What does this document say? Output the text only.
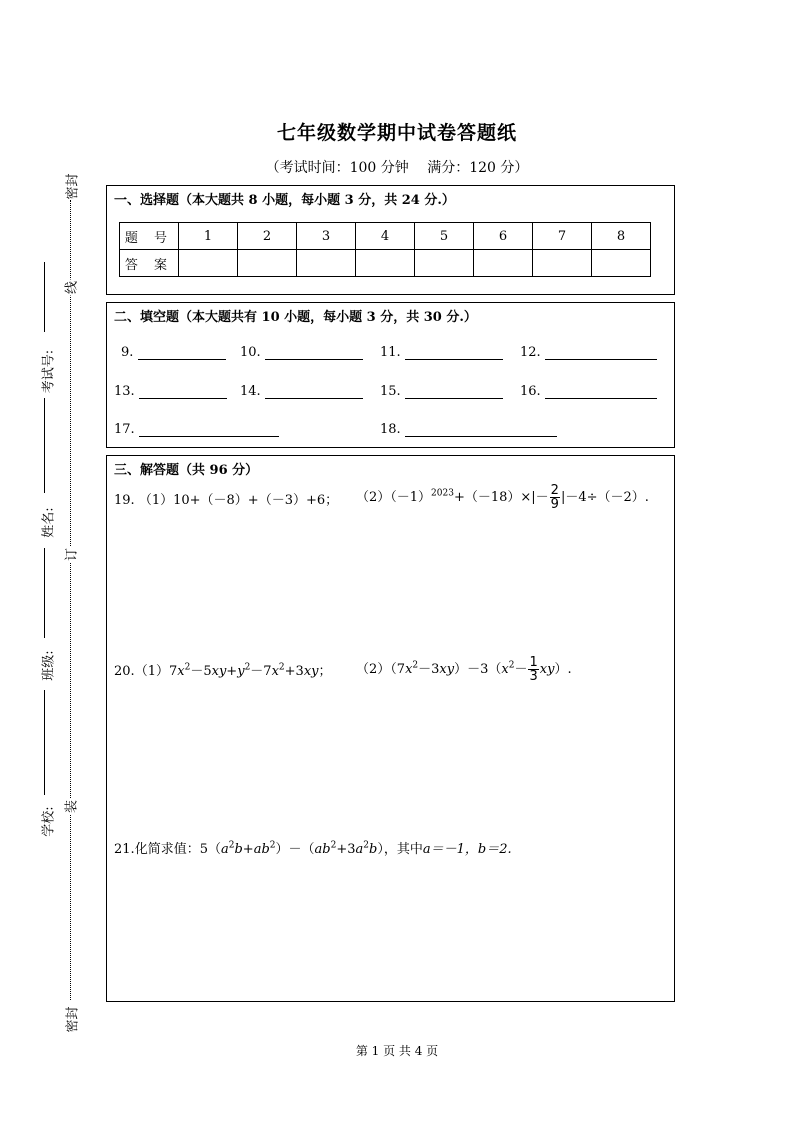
七年级数学期中试卷答题纸
（考试时间：100 分钟　 满分：120 分）
密封
线
订
装
密封
考试号:
姓名:
班级:
学校:
一、选择题（本大题共 8 小题，每小题 3 分，共 24 分.）
题 号	1	2	3	4	5	6	7	8
答 案								
二、填空题（本大题共有 10 小题，每小题 3 分，共 30 分.）
9.	10.	11.	12.
13.	14.	15.	16.
17.	18.
三、解答题（共 96 分）
19. （1）10+（－8）+（－3）+6； $(2)(-1)^{2023}+(-18)\times|- \frac{2}{9} |-4\div(-2)$.
$20.(1)7x^2-5xy+y^2-7x^2+3xy$； $(2)(7x^2-3xy)-3(x^2- \frac{1}{3} xy)$.
21.化简求值：$5(a^2b+ab^2)-(ab^2+3a^2b)$，其中a＝－1，b＝2.
第 1 页 共 4 页
